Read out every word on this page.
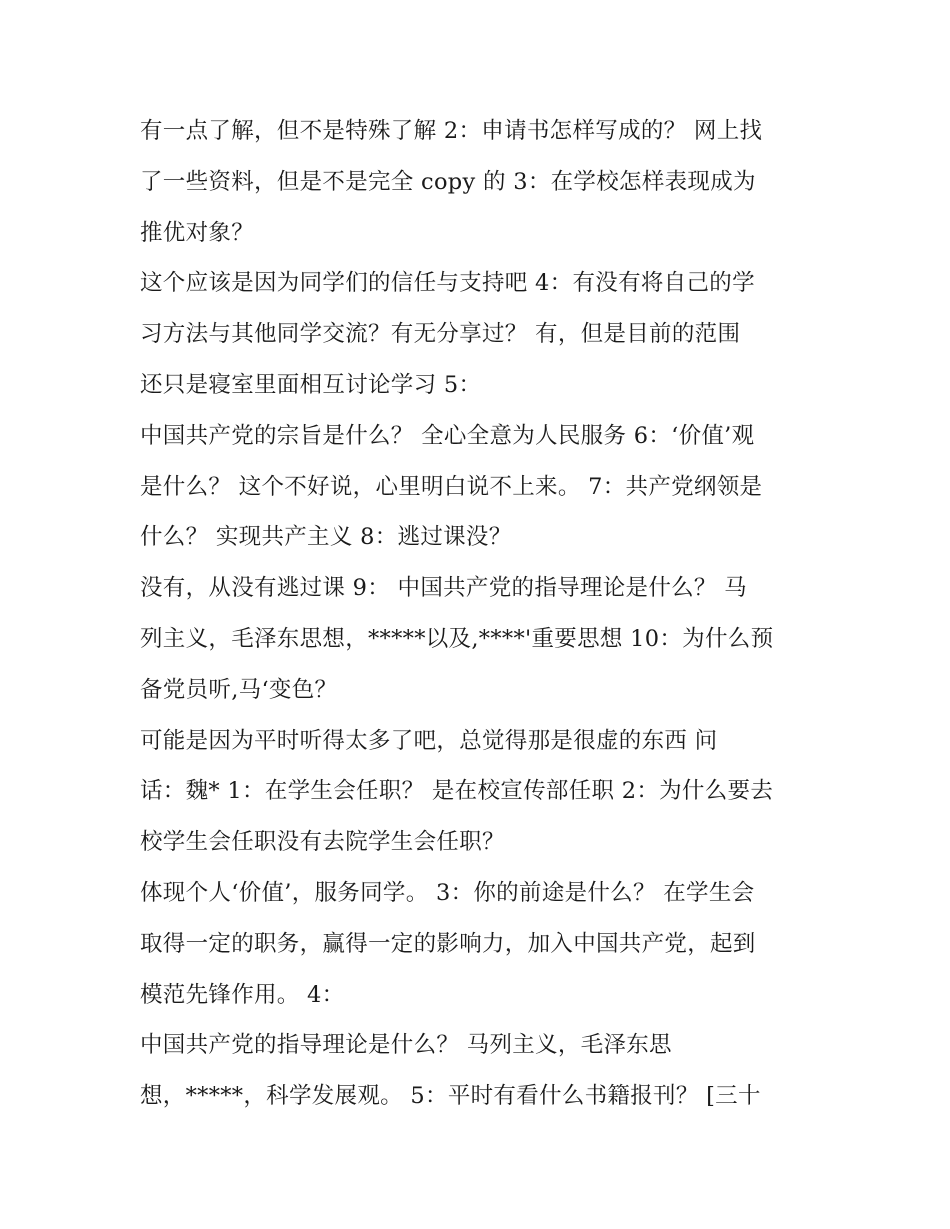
有一点了解，但不是特殊了解 2：申请书怎样写成的？ 网上找
了一些资料，但是不是完全 copy 的 3：在学校怎样表现成为
推优对象？
这个应该是因为同学们的信任与支持吧 4：有没有将自己的学
习方法与其他同学交流？有无分享过？ 有，但是目前的范围
还只是寝室里面相互讨论学习 5：
中国共产党的宗旨是什么？ 全心全意为人民服务 6：‘价值’观
是什么？ 这个不好说，心里明白说不上来。 7：共产党纲领是
什么？ 实现共产主义 8：逃过课没？
没有，从没有逃过课 9： 中国共产党的指导理论是什么？ 马
列主义，毛泽东思想，*****以及,****'重要思想 10：为什么预
备党员听,马‘变色？
可能是因为平时听得太多了吧，总觉得那是很虚的东西 问
话：魏* 1：在学生会任职？ 是在校宣传部任职 2：为什么要去
校学生会任职没有去院学生会任职？
体现个人‘价值’，服务同学。 3：你的前途是什么？ 在学生会
取得一定的职务，赢得一定的影响力，加入中国共产党，起到
模范先锋作用。 4：
中国共产党的指导理论是什么？ 马列主义，毛泽东思
想，*****，科学发展观。 5：平时有看什么书籍报刊？ [三十
